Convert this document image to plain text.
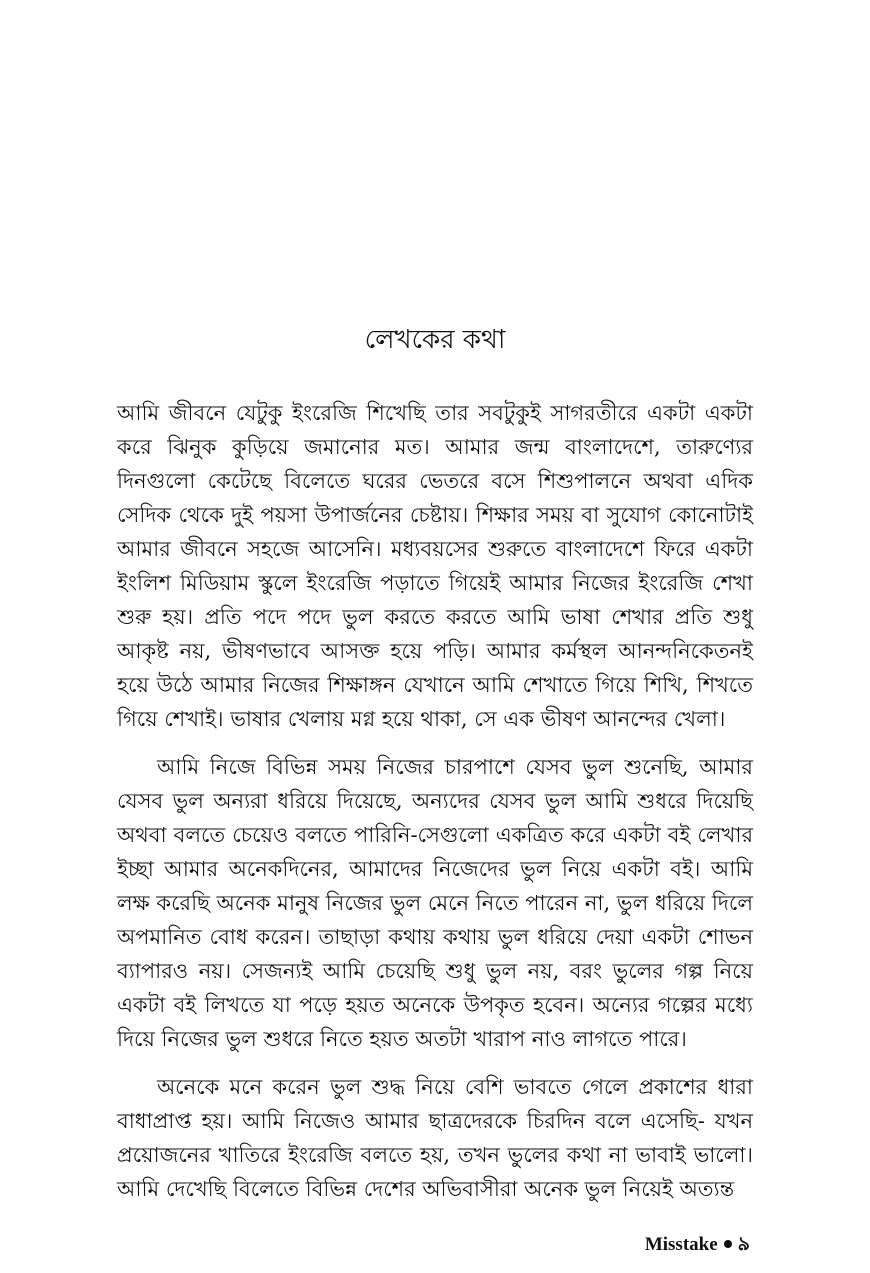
লেখকের কথা

আমি জীবনে যেটুকু ইংরেজি শিখেছি তার সবটুকুই সাগরতীরে একটা একটা করে ঝিনুক কুড়িয়ে জমানোর মত। আমার জন্ম বাংলাদেশে, তারুণ্যের দিনগুলো কেটেছে বিলেতে ঘরের ভেতরে বসে শিশুপালনে অথবা এদিক সেদিক থেকে দুই পয়সা উপার্জনের চেষ্টায়। শিক্ষার সময় বা সুযোগ কোনোটাই আমার জীবনে সহজে আসেনি। মধ্যবয়সের শুরুতে বাংলাদেশে ফিরে একটা ইংলিশ মিডিয়াম স্কুলে ইংরেজি পড়াতে গিয়েই আমার নিজের ইংরেজি শেখা শুরু হয়। প্রতি পদে পদে ভুল করতে করতে আমি ভাষা শেখার প্রতি শুধু আকৃষ্ট নয়, ভীষণভাবে আসক্ত হয়ে পড়ি। আমার কর্মস্থল আনন্দনিকেতনই হয়ে উঠে আমার নিজের শিক্ষাঙ্গন যেখানে আমি শেখাতে গিয়ে শিখি, শিখতে গিয়ে শেখাই। ভাষার খেলায় মগ্ন হয়ে থাকা, সে এক ভীষণ আনন্দের খেলা।

আমি নিজে বিভিন্ন সময় নিজের চারপাশে যেসব ভুল শুনেছি, আমার যেসব ভুল অন্যরা ধরিয়ে দিয়েছে, অন্যদের যেসব ভুল আমি শুধরে দিয়েছি অথবা বলতে চেয়েও বলতে পারিনি-সেগুলো একত্রিত করে একটা বই লেখার ইচ্ছা আমার অনেকদিনের, আমাদের নিজেদের ভুল নিয়ে একটা বই। আমি লক্ষ করেছি অনেক মানুষ নিজের ভুল মেনে নিতে পারেন না, ভুল ধরিয়ে দিলে অপমানিত বোধ করেন। তাছাড়া কথায় কথায় ভুল ধরিয়ে দেয়া একটা শোভন ব্যাপারও নয়। সেজন্যই আমি চেয়েছি শুধু ভুল নয়, বরং ভুলের গল্প নিয়ে একটা বই লিখতে যা পড়ে হয়ত অনেকে উপকৃত হবেন। অন্যের গল্পের মধ্যে দিয়ে নিজের ভুল শুধরে নিতে হয়ত অতটা খারাপ নাও লাগতে পারে।

অনেকে মনে করেন ভুল শুদ্ধ নিয়ে বেশি ভাবতে গেলে প্রকাশের ধারা বাধাপ্রাপ্ত হয়। আমি নিজেও আমার ছাত্রদেরকে চিরদিন বলে এসেছি- যখন প্রয়োজনের খাতিরে ইংরেজি বলতে হয়, তখন ভুলের কথা না ভাবাই ভালো। আমি দেখেছি বিলেতে বিভিন্ন দেশের অভিবাসীরা অনেক ভুল নিয়েই অত্যন্ত

Misstake ৯
